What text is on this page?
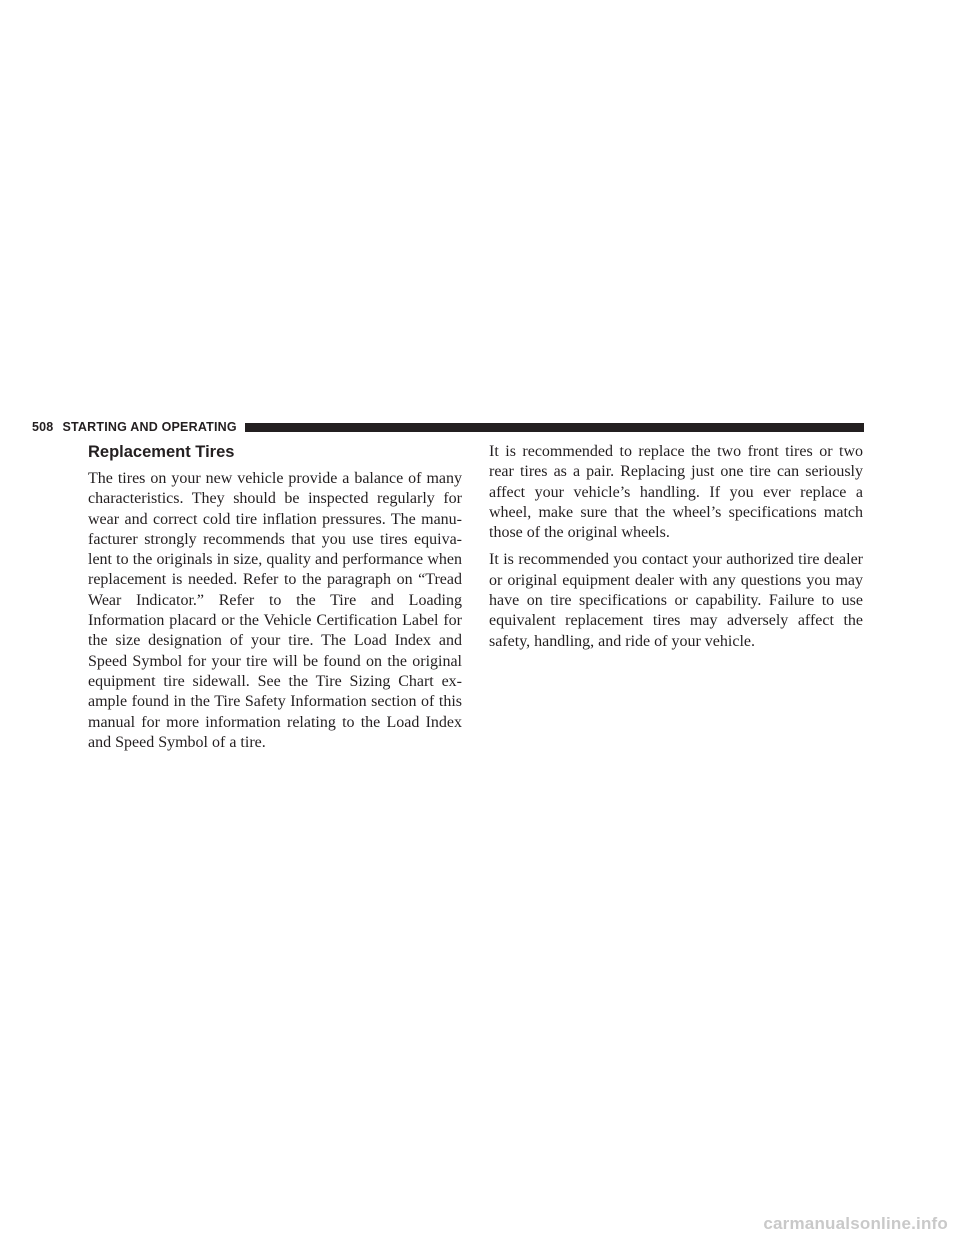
508 STARTING AND OPERATING
Replacement Tires

The tires on your new vehicle provide a balance of many characteristics. They should be inspected regularly for wear and correct cold tire inflation pressures. The manufacturer strongly recommends that you use tires equivalent to the originals in size, quality and performance when replacement is needed. Refer to the paragraph on “Tread Wear Indicator.” Refer to the Tire and Loading Information placard or the Vehicle Certification Label for the size designation of your tire. The Load Index and Speed Symbol for your tire will be found on the original equipment tire sidewall. See the Tire Sizing Chart example found in the Tire Safety Information section of this manual for more information relating to the Load Index and Speed Symbol of a tire.

It is recommended to replace the two front tires or two rear tires as a pair. Replacing just one tire can seriously affect your vehicle’s handling. If you ever replace a wheel, make sure that the wheel’s specifications match those of the original wheels.

It is recommended you contact your authorized tire dealer or original equipment dealer with any questions you may have on tire specifications or capability. Failure to use equivalent replacement tires may adversely affect the safety, handling, and ride of your vehicle.

carmanualsonline.info
